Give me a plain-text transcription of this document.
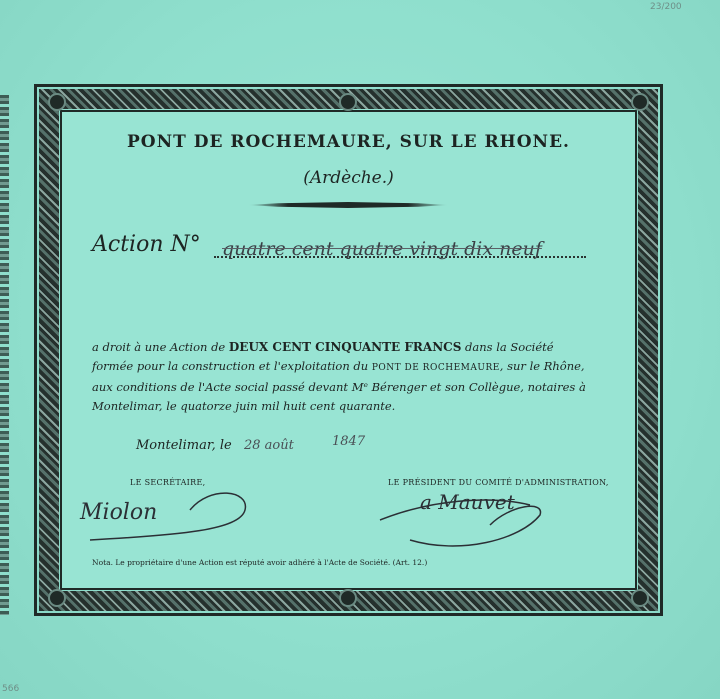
23/200
566
PONT DE ROCHEMAURE, SUR LE RHONE.
(Ardèche.)
Action N° quatre cent quatre vingt dix neuf
a droit à une Action de DEUX CENT CINQUANTE FRANCS dans la Société
formée pour la construction et l'exploitation du PONT DE ROCHEMAURE, sur le Rhône,
aux conditions de l'Acte social passé devant Mᵉ Bérenger et son Collègue, notaires à
Montelimar, le quatorze juin mil huit cent quarante.
Montelimar, le 28 août	1847
LE SECRÉTAIRE,	LE PRÉSIDENT DU COMITÉ D'ADMINISTRATION,
Miolon	a Mauvet
Nota. Le propriétaire d'une Action est réputé avoir adhéré à l'Acte de Société. (Art. 12.)
